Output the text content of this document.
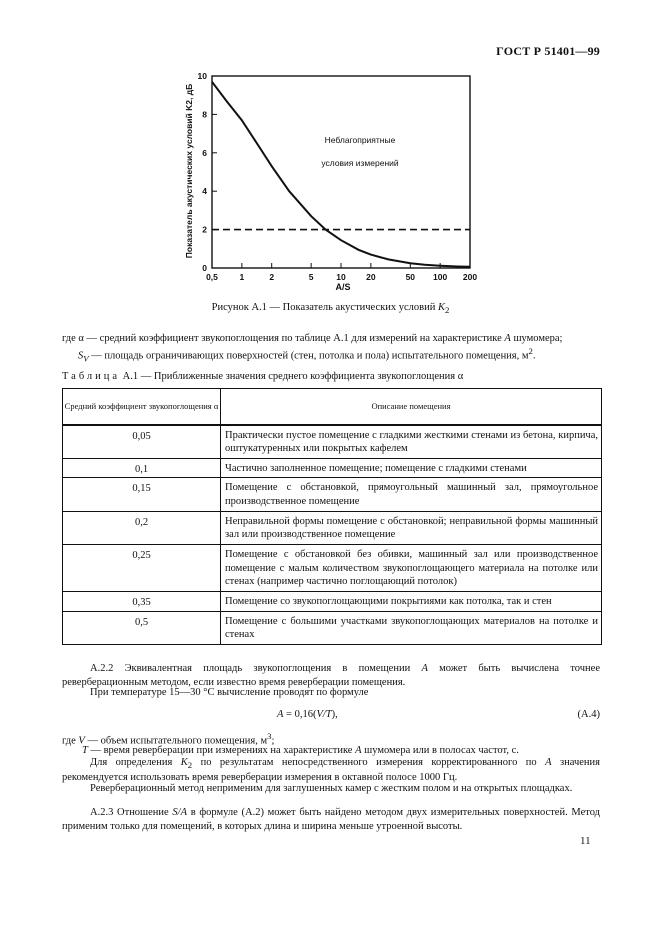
ГОСТ Р 51401—99
Показатель акустических условий K2, дБ
A/S
Неблагоприятные
условия измерений
0,5	1	2	5	10 20	50 100 200
0
2
4
6
8
10
Рисунок А.1 — Показатель акустических условий $K_2$
где α — средний коэффициент звукопоглощения по таблице А.1 для измерений на характеристике A шумомера;
$S_V$ — площадь ограничивающих поверхностей (стен, потолка и пола) испытательного помещения, $м^2$.
Таблица А.1 — Приближенные значения среднего коэффициента звукопоглощения α
Средний коэффициент звукопоглощения α	Описание помещения
0,05	Практически пустое помещение с гладкими жесткими стенами из бетона, кирпича, оштукатуренных или покрытых кафелем
0,1	Частично заполненное помещение; помещение с гладкими стенами
0,15	Помещение с обстановкой, прямоугольный машинный зал, прямоугольное производственное помещение
0,2	Неправильной формы помещение с обстановкой; неправильной формы машинный зал или производственное помещение
0,25	Помещение с обстановкой без обивки, машинный зал или производственное помещение с малым количеством звукопоглощающего материала на потолке или стенах (например частично поглощающий потолок)
0,35	Помещение со звукопоглощающими покрытиями как потолка, так и стен
0,5	Помещение с большими участками звукопоглощающих материалов на потолке и стенах
А.2.2 Эквивалентная площадь звукопоглощения в помещении A может быть вычислена точнее реверберационным методом, если известно время реверберации помещения.
При температуре 15—30 °С вычисление проводят по формуле
A = 0,16(V/T),	(А.4)
где V — объем испытательного помещения, $м^3$;
T — время реверберации при измерениях на характеристике A шумомера или в полосах частот, с.
Для определения $K_2$ по результатам непосредственного измерения корректированного по A значения рекомендуется использовать время реверберации измерения в октавной полосе 1000 Гц.
Реверберационный метод неприменим для заглушенных камер с жестким полом и на открытых площадках.
А.2.3 Отношение S/A в формуле (А.2) может быть найдено методом двух измерительных поверхностей. Метод применим только для помещений, в которых длина и ширина меньше утроенной высоты.
11
